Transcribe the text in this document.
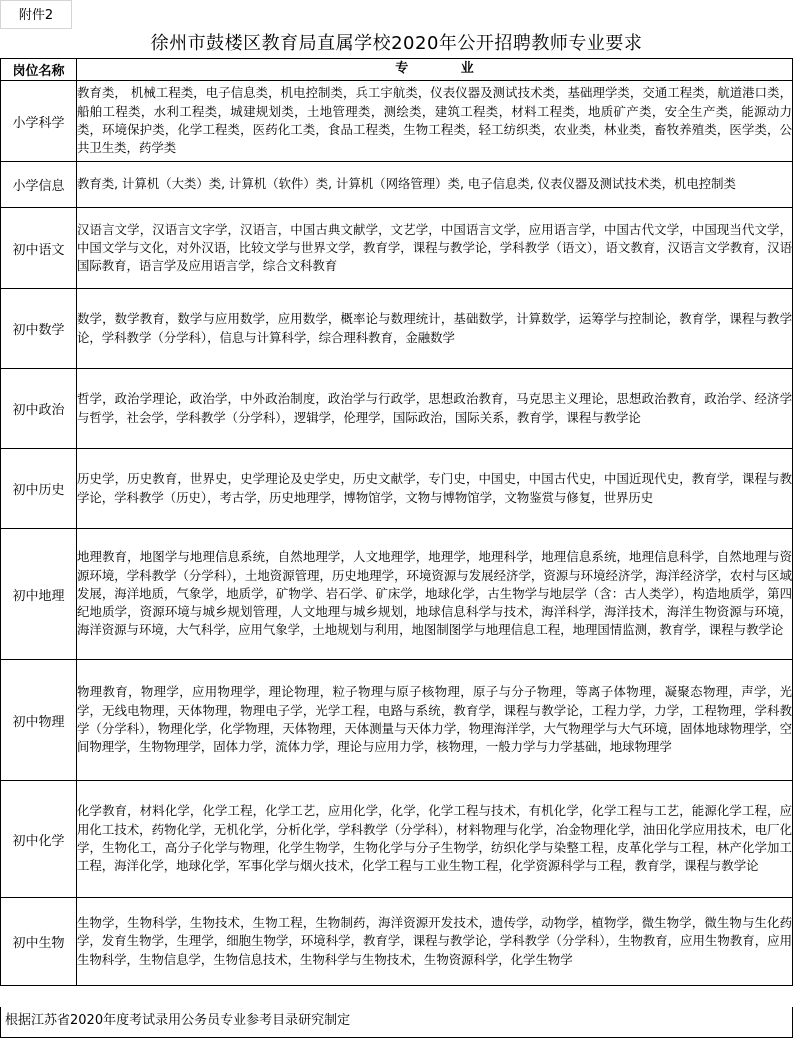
附件2
徐州市鼓楼区教育局直属学校2020年公开招聘教师专业要求
岗位名称	专 业
小学科学	教育类， 机械工程类，电子信息类，机电控制类，兵工宇航类，仪表仪器及测试技术类，基础理学类，交通工程类，航道港口类，船舶工程类，水利工程类，城建规划类，土地管理类，测绘类，建筑工程类，材料工程类，地质矿产类，安全生产类，能源动力类，环境保护类，化学工程类，医药化工类，食品工程类，生物工程类，轻工纺织类，农业类，林业类，畜牧养殖类，医学类，公共卫生类，药学类
小学信息	教育类, 计算机（大类）类, 计算机（软件）类, 计算机（网络管理）类, 电子信息类, 仪表仪器及测试技术类，机电控制类
初中语文	汉语言文学，汉语言文字学，汉语言，中国古典文献学，文艺学，中国语言文学，应用语言学，中国古代文学，中国现当代文学，中国文学与文化，对外汉语，比较文学与世界文学，教育学，课程与教学论，学科教学（语文），语文教育，汉语言文学教育，汉语国际教育，语言学及应用语言学，综合文科教育
初中数学	数学，数学教育，数学与应用数学，应用数学，概率论与数理统计，基础数学，计算数学，运筹学与控制论，教育学，课程与教学论，学科教学（分学科），信息与计算科学，综合理科教育，金融数学
初中政治	哲学，政治学理论，政治学，中外政治制度，政治学与行政学，思想政治教育，马克思主义理论，思想政治教育，政治学、经济学与哲学，社会学，学科教学（分学科），逻辑学，伦理学，国际政治，国际关系，教育学，课程与教学论
初中历史	历史学，历史教育，世界史，史学理论及史学史，历史文献学，专门史，中国史，中国古代史，中国近现代史，教育学，课程与教学论，学科教学（历史），考古学，历史地理学，博物馆学，文物与博物馆学，文物鉴赏与修复，世界历史
初中地理	地理教育，地图学与地理信息系统，自然地理学，人文地理学，地理学，地理科学，地理信息系统，地理信息科学，自然地理与资源环境，学科教学（分学科），土地资源管理，历史地理学，环境资源与发展经济学，资源与环境经济学，海洋经济学，农村与区域发展，海洋地质，气象学，地质学，矿物学、岩石学、矿床学，地球化学，古生物学与地层学（含：古人类学），构造地质学，第四纪地质学，资源环境与城乡规划管理，人文地理与城乡规划，地球信息科学与技术，海洋科学，海洋技术，海洋生物资源与环境，海洋资源与环境，大气科学，应用气象学，土地规划与利用，地图制图学与地理信息工程，地理国情监测，教育学，课程与教学论
初中物理	物理教育，物理学，应用物理学，理论物理，粒子物理与原子核物理，原子与分子物理，等离子体物理，凝聚态物理，声学，光学，无线电物理，天体物理，物理电子学，光学工程，电路与系统，教育学，课程与教学论，工程力学，力学，工程物理，学科教学（分学科），物理化学，化学物理，天体物理，天体测量与天体力学，物理海洋学，大气物理学与大气环境，固体地球物理学，空间物理学，生物物理学，固体力学，流体力学，理论与应用力学，核物理，一般力学与力学基础，地球物理学
初中化学	化学教育，材料化学，化学工程，化学工艺，应用化学，化学，化学工程与技术，有机化学，化学工程与工艺，能源化学工程，应用化工技术，药物化学，无机化学，分析化学，学科教学（分学科），材料物理与化学，冶金物理化学，油田化学应用技术，电厂化学，生物化工，高分子化学与物理，化学生物学，生物化学与分子生物学，纺织化学与染整工程，皮革化学与工程，林产化学加工工程，海洋化学，地球化学，军事化学与烟火技术，化学工程与工业生物工程，化学资源科学与工程，教育学，课程与教学论
初中生物	生物学，生物科学，生物技术，生物工程，生物制药，海洋资源开发技术，遗传学，动物学，植物学，微生物学，微生物与生化药学，发育生物学，生理学，细胞生物学，环境科学，教育学，课程与教学论，学科教学（分学科），生物教育，应用生物教育，应用生物科学，生物信息学，生物信息技术，生物科学与生物技术，生物资源科学，化学生物学
根据江苏省2020年度考试录用公务员专业参考目录研究制定
